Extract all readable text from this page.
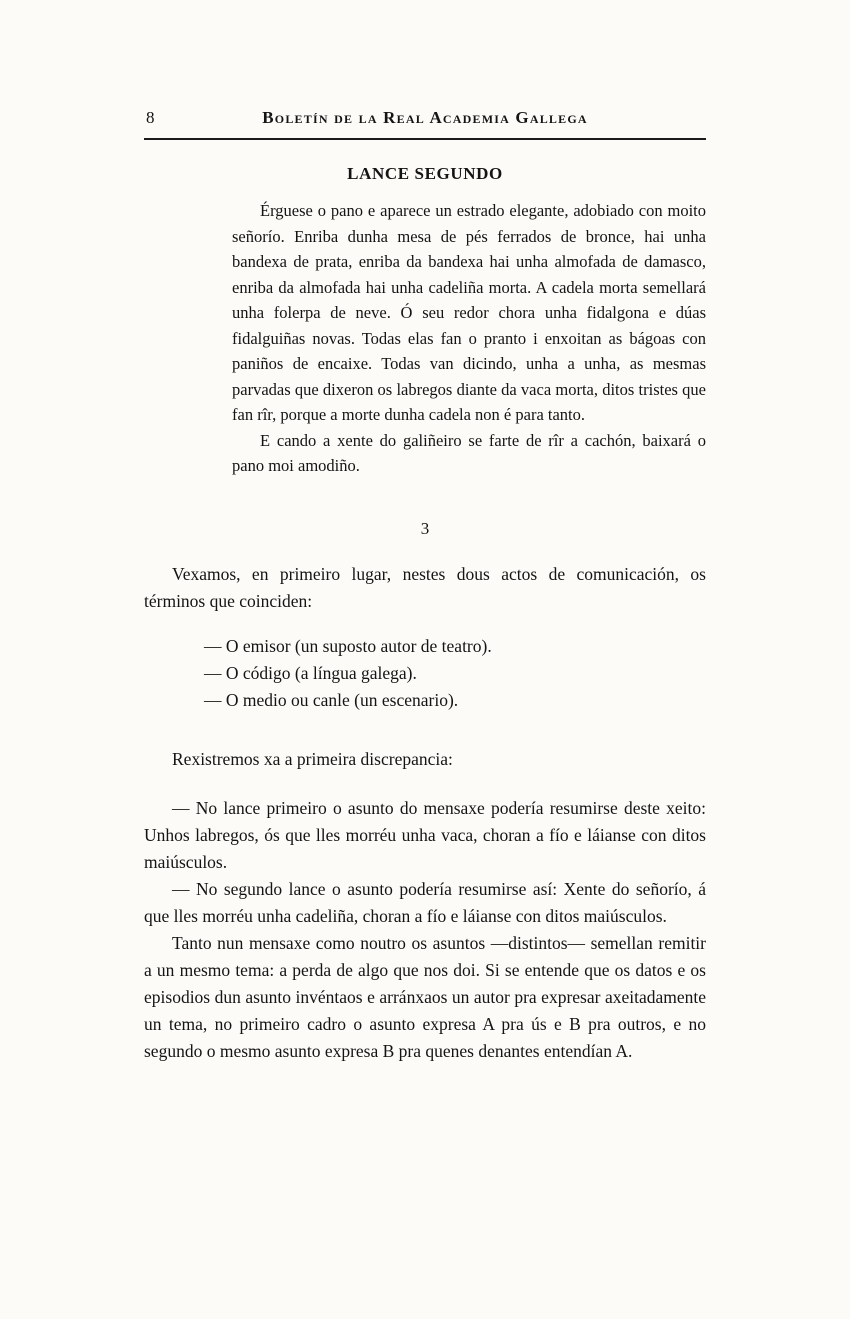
8	Boletín de la Real Academia Gallega
LANCE SEGUNDO

Érguese o pano e aparece un estrado elegante, adobiado con moito señorío. Enriba dunha mesa de pés ferrados de bronce, hai unha bandexa de prata, enriba da bandexa hai unha almofada de damasco, enriba da almofada hai unha cadeliña morta. A cadela morta semellará unha folerpa de neve. Ó seu redor chora unha fidalgona e dúas fidalguiñas novas. Todas elas fan o pranto i enxoitan as bágoas con paniños de encaixe. Todas van dicindo, unha a unha, as mesmas parvadas que dixeron os labregos diante da vaca morta, ditos tristes que fan rîr, porque a morte dunha cadela non é para tanto.

E cando a xente do galiñeiro se farte de rîr a cachón, baixará o pano moi amodiño.

3

Vexamos, en primeiro lugar, nestes dous actos de comunicación, os términos que coinciden:

— O emisor (un suposto autor de teatro).
— O código (a língua galega).
— O medio ou canle (un escenario).

Rexistremos xa a primeira discrepancia:

— No lance primeiro o asunto do mensaxe podería resumirse deste xeito: Unhos labregos, ós que lles morréu unha vaca, choran a fío e láianse con ditos maiúsculos.

— No segundo lance o asunto podería resumirse así: Xente do señorío, á que lles morréu unha cadeliña, choran a fío e láianse con ditos maiúsculos.

Tanto nun mensaxe como noutro os asuntos —distintos— semellan remitir a un mesmo tema: a perda de algo que nos doi. Si se entende que os datos e os episodios dun asunto invéntaos e arránxaos un autor pra expresar axeitadamente un tema, no primeiro cadro o asunto expresa A pra ús e B pra outros, e no segundo o mesmo asunto expresa B pra quenes denantes entendían A.
